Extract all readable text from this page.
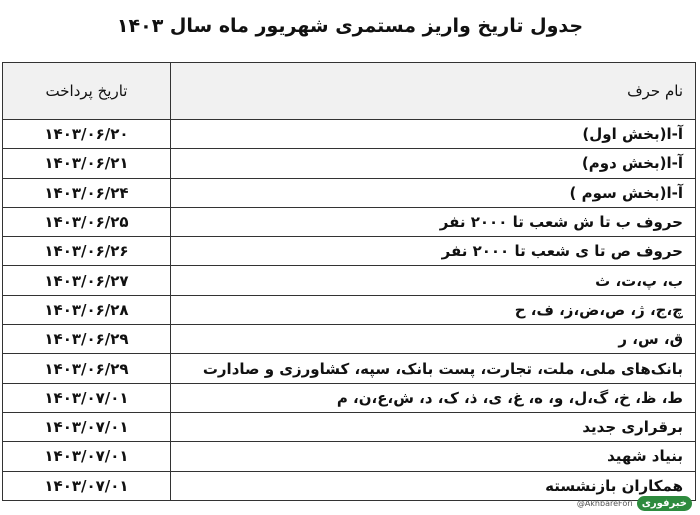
جدول تاریخ واریز مستمری شهریور ماه سال ۱۴۰۳
نام حرف	تاریخ پرداخت
آ-ا(بخش اول)	۱۴۰۳/۰۶/۲۰
آ-ا(بخش دوم)	۱۴۰۳/۰۶/۲۱
آ-ا(بخش سوم )	۱۴۰۳/۰۶/۲۴
حروف ب تا ش شعب تا ۲۰۰۰ نفر	۱۴۰۳/۰۶/۲۵
حروف ص تا ی شعب تا ۲۰۰۰ نفر	۱۴۰۳/۰۶/۲۶
ب، پ،ت، ث	۱۴۰۳/۰۶/۲۷
چ،ج، ژ، ص،ض،ز، ف، ح	۱۴۰۳/۰۶/۲۸
ق، س، ر	۱۴۰۳/۰۶/۲۹
بانک‌های ملی، ملت، تجارت، پست بانک، سپه، کشاورزی و صادارت	۱۴۰۳/۰۶/۲۹
ط، ظ، خ، گ،ل، و، ه، غ، ی، ذ، ک، د، ش،ع،ن، م	۱۴۰۳/۰۷/۰۱
برقراری جدید	۱۴۰۳/۰۷/۰۱
بنیاد شهید	۱۴۰۳/۰۷/۰۱
همکاران بازنشسته	۱۴۰۳/۰۷/۰۱
@AkhbareFori خبرفوری
